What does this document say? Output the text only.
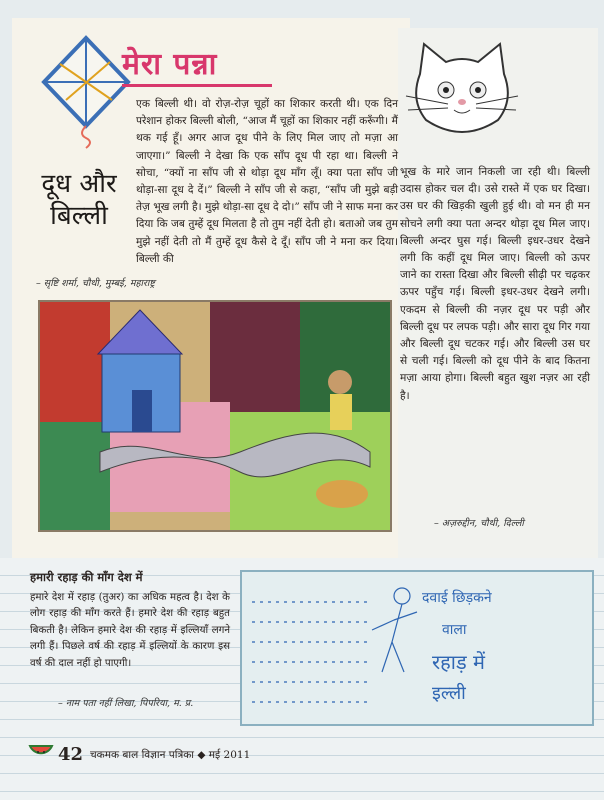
मेरा पन्ना
दूध और
बिल्ली

एक बिल्ली थी। वो रोज़-रोज़ चूहों का शिकार करती थी। एक दिन परेशान होकर बिल्ली बोली, “आज मैं चूहों का शिकार नहीं करूँगी। मैं थक गई हूँ। अगर आज दूध पीने के लिए मिल जाए तो मज़ा आ जाएगा।” बिल्ली ने देखा कि एक साँप दूध पी रहा था। बिल्ली ने सोचा, “क्यों ना साँप जी से थोड़ा दूध माँग लूँ। क्या पता साँप जी थोड़ा-सा दूध दे दें।” बिल्ली ने साँप जी से कहा, “साँप जी मुझे बड़ी तेज़ भूख लगी है। मुझे थोड़ा-सा दूध दे दो।” साँप जी ने साफ मना कर दिया कि जब तुम्हें दूध मिलता है तो तुम नहीं देती हो। बताओ जब तुम मुझे नहीं देती तो मैं तुम्हें दूध कैसे दे दूँ। साँप जी ने मना कर दिया। बिल्ली की

– सृष्टि शर्मा, चौथी, मुम्बई, महाराष्ट्र

भूख के मारे जान निकली जा रही थी। बिल्ली उदास होकर चल दी। उसे रास्ते में एक घर दिखा। उस घर की खिड़की खुली हुई थी। वो मन ही मन सोचने लगी क्या पता अन्दर थोड़ा दूध मिल जाए। बिल्ली अन्दर घुस गई। बिल्ली इधर-उधर देखने लगी कि कहीं दूध मिल जाए। बिल्ली को ऊपर जाने का रास्ता दिखा और बिल्ली सीढ़ी पर चढ़कर ऊपर पहुँच गई। बिल्ली इधर-उधर देखने लगी। एकदम से बिल्ली की नज़र दूध पर पड़ी और बिल्ली दूध पर लपक पड़ी। और सारा दूध गिर गया और बिल्ली दूध चटकर गई। और बिल्ली उस घर से चली गई। बिल्ली को दूध पीने के बाद कितना मज़ा आया होगा। बिल्ली बहुत खुश नज़र आ रही है।

– अज़रुद्दीन, चौथी, दिल्ली
हमारी रहाड़ की माँग देश में

हमारे देश में रहाड़ (तुअर) का अधिक महत्व है। देश के लोग रहाड़ की माँग करते हैं। हमारे देश की रहाड़ बहुत बिकती है। लेकिन हमारे देश की रहाड़ में इल्लियाँ लगने लगी हैं। पिछले वर्ष की रहाड़ में इल्लियों के कारण इस वर्ष की दाल नहीं हो पाएगी।

– नाम पता नहीं लिखा, पिपरिया, म. प्र.
दवाई छिड़कने
वाला
रहाड़ में
इल्ली
42 चकमक बाल विज्ञान पत्रिका ◆ मई 2011
